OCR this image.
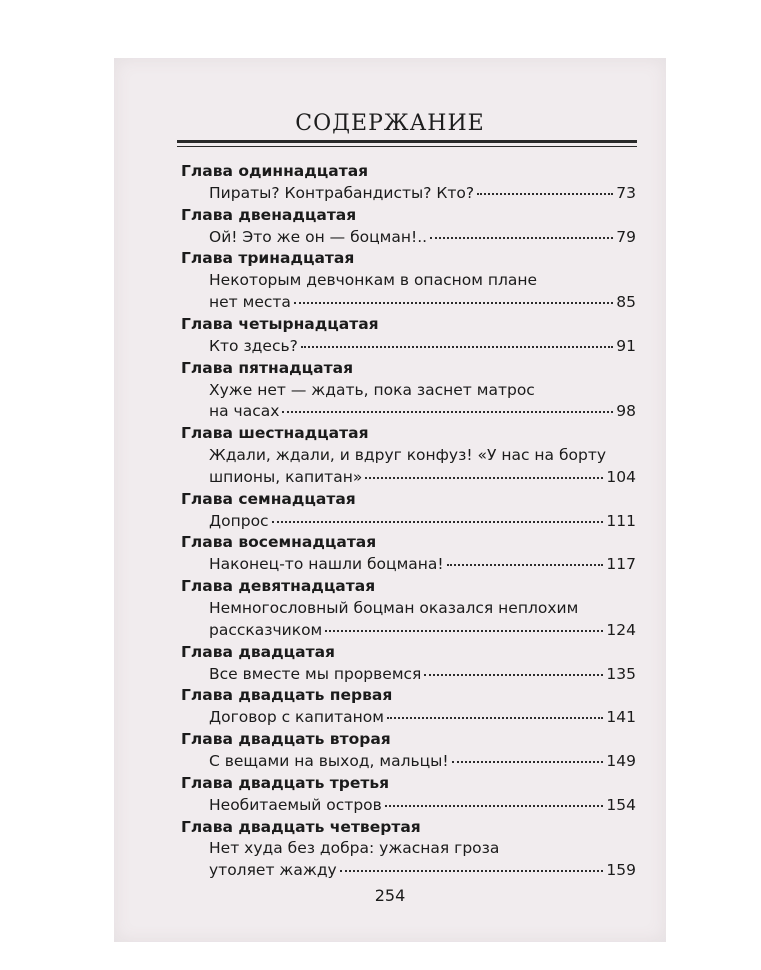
СОДЕРЖАНИЕ
Глава одиннадцатая
Пираты? Контрабандисты? Кто?	73
Глава двенадцатая
Ой! Это же он — боцман!..	79
Глава тринадцатая
Некоторым девчонкам в опасном плане
нет места	85
Глава четырнадцатая
Кто здесь?	91
Глава пятнадцатая
Хуже нет — ждать, пока заснет матрос
на часах	98
Глава шестнадцатая
Ждали, ждали, и вдруг конфуз! «У нас на борту
шпионы, капитан»	104
Глава семнадцатая
Допрос	111
Глава восемнадцатая
Наконец-то нашли боцмана!	117
Глава девятнадцатая
Немногословный боцман оказался неплохим
рассказчиком	124
Глава двадцатая
Все вместе мы прорвемся	135
Глава двадцать первая
Договор с капитаном	141
Глава двадцать вторая
С вещами на выход, мальцы!	149
Глава двадцать третья
Необитаемый остров	154
Глава двадцать четвертая
Нет худа без добра: ужасная гроза
утоляет жажду	159
254
